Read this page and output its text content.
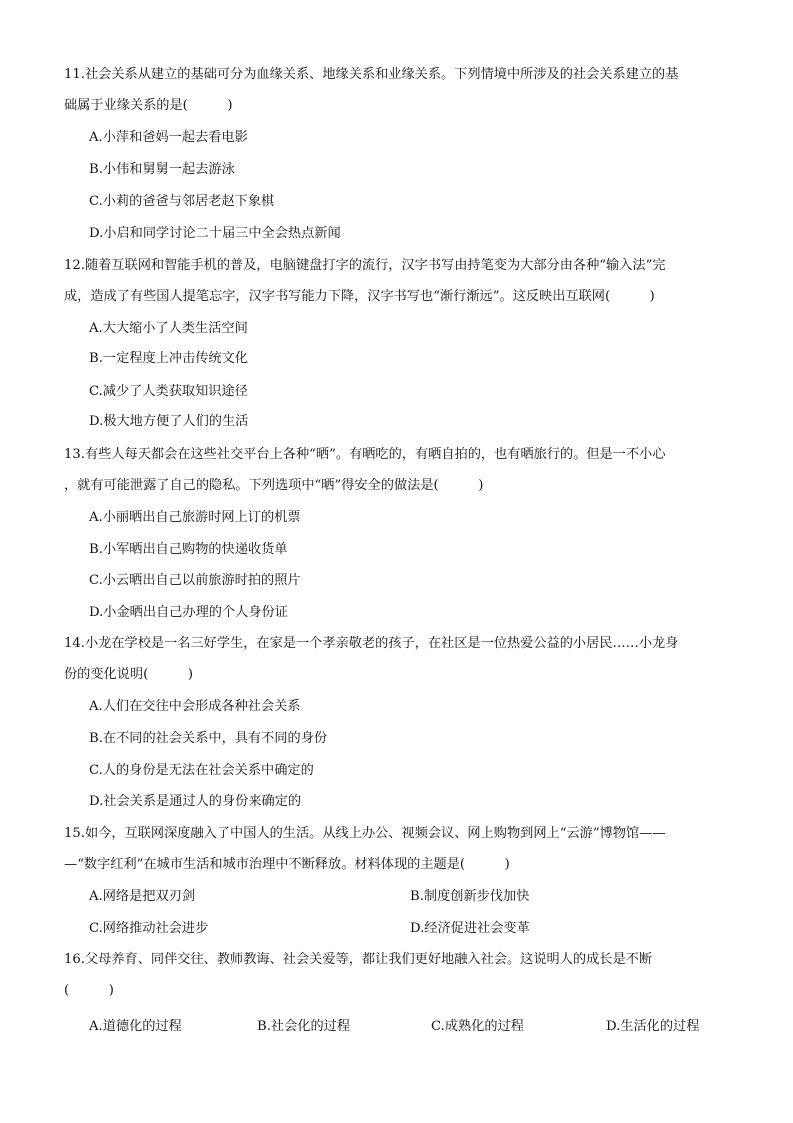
11.社会关系从建立的基础可分为血缘关系、地缘关系和业缘关系。下列情境中所涉及的社会关系建立的基
础属于业缘关系的是(　　　)
A.小萍和爸妈一起去看电影
B.小伟和舅舅一起去游泳
C.小莉的爸爸与邻居老赵下象棋
D.小启和同学讨论二十届三中全会热点新闻
12.随着互联网和智能手机的普及，电脑键盘打字的流行，汉字书写由持笔变为大部分由各种“输入法”完
成，造成了有些国人提笔忘字，汉字书写能力下降，汉字书写也“渐行渐远”。这反映出互联网(　　　)
A.大大缩小了人类生活空间
B.一定程度上冲击传统文化
C.减少了人类获取知识途径
D.极大地方便了人们的生活
13.有些人每天都会在这些社交平台上各种“晒”。有晒吃的，有晒自拍的，也有晒旅行的。但是一不小心
，就有可能泄露了自己的隐私。下列选项中“晒”得安全的做法是(　　　)
A.小丽晒出自己旅游时网上订的机票
B.小军晒出自己购物的快递收货单
C.小云晒出自己以前旅游时拍的照片
D.小金晒出自己办理的个人身份证
14.小龙在学校是一名三好学生，在家是一个孝亲敬老的孩子，在社区是一位热爱公益的小居民……小龙身
份的变化说明(　　　)
A.人们在交往中会形成各种社会关系
B.在不同的社会关系中，具有不同的身份
C.人的身份是无法在社会关系中确定的
D.社会关系是通过人的身份来确定的
15.如今，互联网深度融入了中国人的生活。从线上办公、视频会议、网上购物到网上“云游”博物馆——
—“数字红利”在城市生活和城市治理中不断释放。材料体现的主题是(　　　)
A.网络是把双刃剑	B.制度创新步伐加快
C.网络推动社会进步	D.经济促进社会变革
16.父母养育、同伴交往、教师教诲、社会关爱等，都让我们更好地融入社会。这说明人的成长是不断
(　　　)
A.道德化的过程	B.社会化的过程	C.成熟化的过程	D.生活化的过程
